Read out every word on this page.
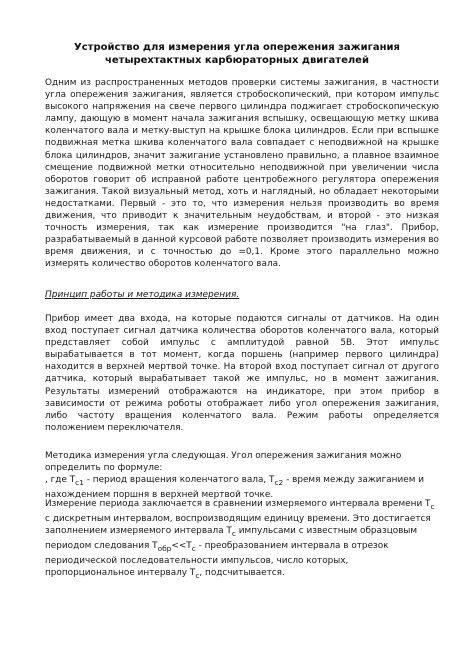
Устройство для измерения угла опережения зажигания
четырехтактных карбюраторных двигателей
Одним из распространенных методов проверки системы зажигания, в частности угла опережения зажигания, является стробоскопический, при котором импульс высокого напряжения на свече первого цилиндра поджигает стробоскопическую лампу, дающую в момент начала зажигания вспышку, освещающую метку шкива коленчатого вала и метку-выступ на крышке блока цилиндров. Если при вспышке подвижная метка шкива коленчатого вала совпадает с неподвижной на крышке блока цилиндров, значит зажигание установлено правильно, а плавное взаимное смещение подвижной метки относительно неподвижной при увеличении числа оборотов говорит об исправной работе центробежного регулятора опережения зажигания. Такой визуальный метод, хоть и наглядный, но обладает некоторыми недостатками. Первый - это то, что измерения нельзя производить во время движения, что приводит к значительным неудобствам, и второй - это низкая точность измерения, так как измерение производится "на глаз". Прибор, разрабатываемый в данной курсовой работе позволяет производить измерения во время движения, и с точностью до =0,1. Кроме этого параллельно можно измерять количество оборотов коленчатого вала.
Принцип работы и методика измерения.
Прибор имеет два входа, на которые подаются сигналы от датчиков. На один вход поступает сигнал датчика количества оборотов коленчатого вала, который представляет собой импульс с амплитудой равной 5В. Этот импульс вырабатывается в тот момент, когда поршень (например первого цилиндра) находится в верхней мертвой точке. На второй вход поступает сигнал от другого датчика, который вырабатывает такой же импульс, но в момент зажигания. Результаты измерений отображаются на индикаторе, при этом прибор в зависимости от режима роботы отображает либо угол опережения зажигания, либо частоту вращения коленчатого вала. Режим работы определяется положением переключателя.
Методика измерения угла следующая. Угол опережения зажигания можно определить по формуле:
, где $T_{c1}$ - период вращения коленчатого вала, $T_{c2}$ - время между зажиганием и нахождением поршня в верхней мертвой точке.
Измерение периода заключается в сравнении измеряемого интервала времени $T_c$ с дискретным интервалом, воспроизводящим единицу времени. Это достигается заполнением измеряемого интервала $T_c$ импульсами с известным образцовым периодом следования $T_{обр}<<T_c$ - преобразованием интервала в отрезок периодической последовательности импульсов, число которых, пропорциональное интервалу $T_c$, подсчитывается.
